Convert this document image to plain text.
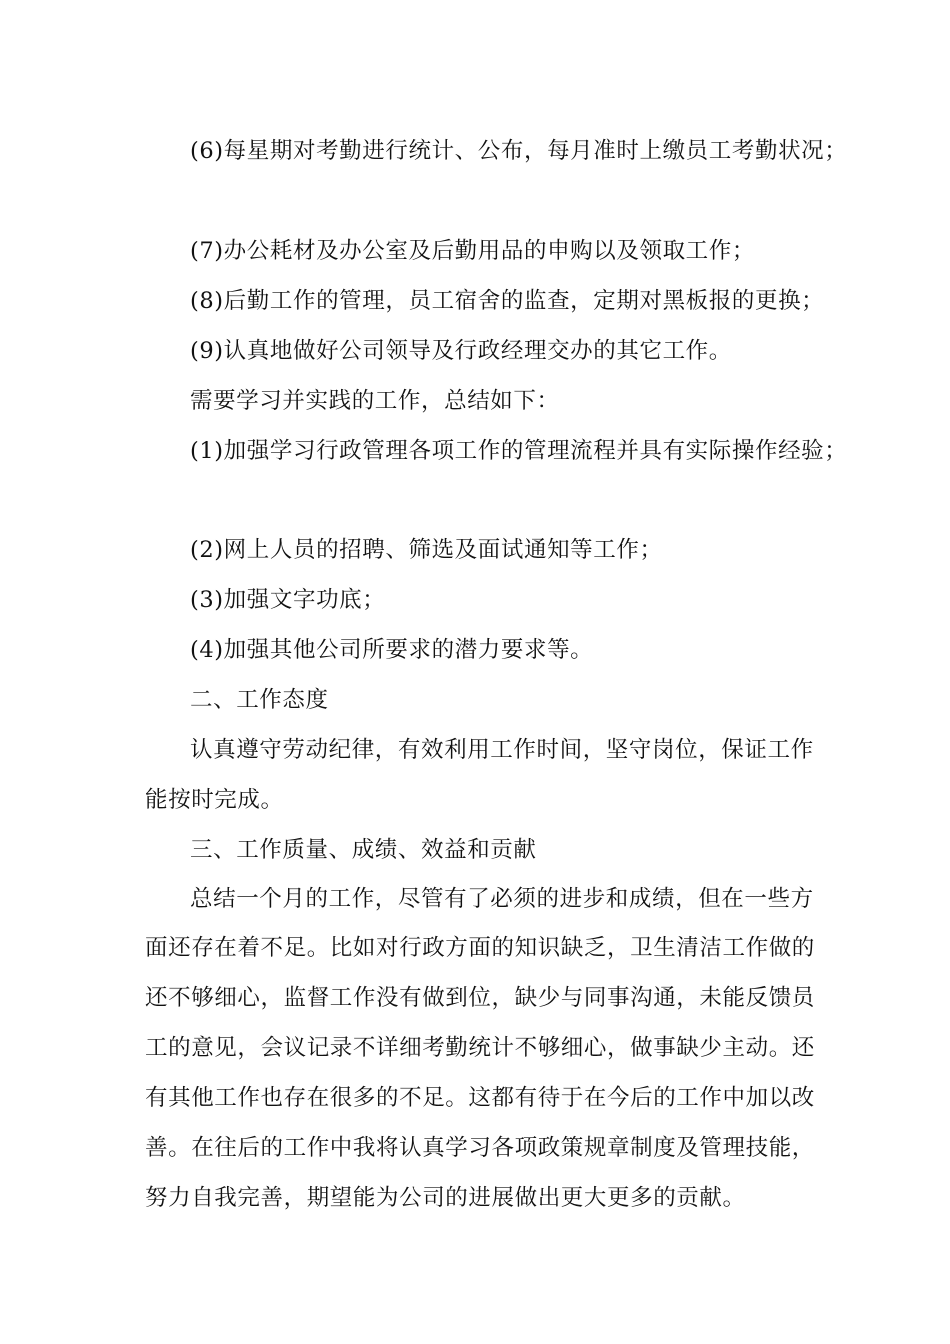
(6)每星期对考勤进行统计、公布，每月准时上缴员工考勤状况；
(7)办公耗材及办公室及后勤用品的申购以及领取工作；
(8)后勤工作的管理，员工宿舍的监查，定期对黑板报的更换；
(9)认真地做好公司领导及行政经理交办的其它工作。
需要学习并实践的工作，总结如下：
(1)加强学习行政管理各项工作的管理流程并具有实际操作经验；
(2)网上人员的招聘、筛选及面试通知等工作；
(3)加强文字功底；
(4)加强其他公司所要求的潜力要求等。
二、工作态度
认真遵守劳动纪律，有效利用工作时间，坚守岗位，保证工作
能按时完成。
三、工作质量、成绩、效益和贡献
总结一个月的工作，尽管有了必须的进步和成绩，但在一些方
面还存在着不足。比如对行政方面的知识缺乏，卫生清洁工作做的
还不够细心，监督工作没有做到位，缺少与同事沟通，未能反馈员
工的意见，会议记录不详细考勤统计不够细心，做事缺少主动。还
有其他工作也存在很多的不足。这都有待于在今后的工作中加以改
善。在往后的工作中我将认真学习各项政策规章制度及管理技能，
努力自我完善，期望能为公司的进展做出更大更多的贡献。
